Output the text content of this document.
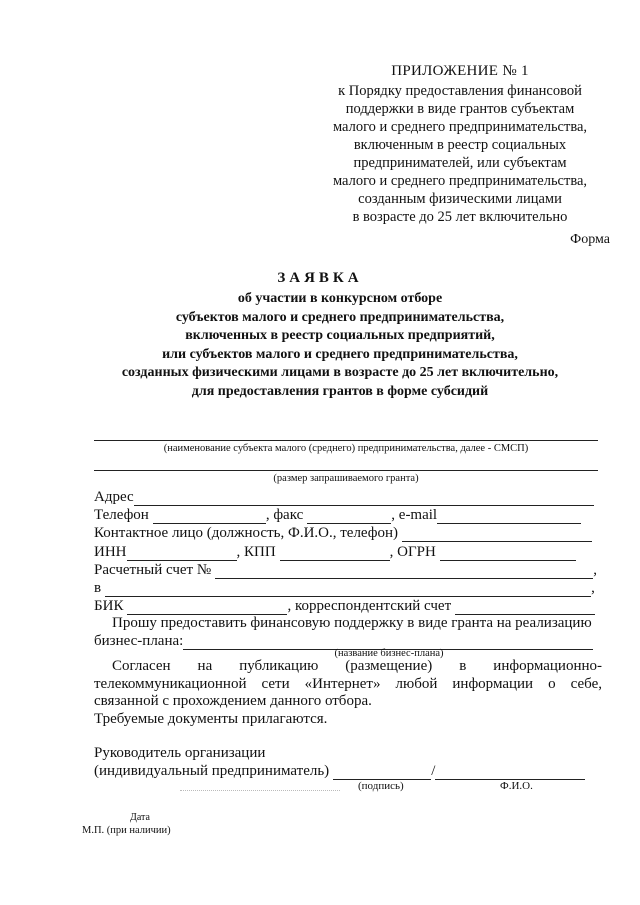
ПРИЛОЖЕНИЕ № 1
к Порядку предоставления финансовой
поддержки в виде грантов субъектам
малого и среднего предпринимательства,
включенным в реестр социальных
предпринимателей, или субъектам
малого и среднего предпринимательства,
созданным физическими лицами
в возрасте до 25 лет включительно
Форма
ЗАЯВКА
об участии в конкурсном отборе
субъектов малого и среднего предпринимательства,
включенных в реестр социальных предприятий,
или субъектов малого и среднего предпринимательства,
созданных физическими лицами в возрасте до 25 лет включительно,
для предоставления грантов в форме субсидий
(наименование субъекта малого (среднего) предпринимательства, далее - СМСП)
(размер запрашиваемого гранта)
Адрес
Телефон	, факс	, e-mail
Контактное лицо (должность, Ф.И.О., телефон)
ИНН	, КПП	, ОГРН
Расчетный счет №	,
в	,
БИК	, корреспондентский счет
Прошу предоставить финансовую поддержку в виде гранта на реализацию
бизнес-плана:
(название бизнес-плана)
Согласен на публикацию (размещение) в информационно-
телекоммуникационной сети «Интернет» любой информации о себе,
связанной с прохождением данного отбора.
Требуемые документы прилагаются.
Руководитель организации
(индивидуальный предприниматель)	/
(подпись)	Ф.И.О.
Дата
М.П. (при наличии)
